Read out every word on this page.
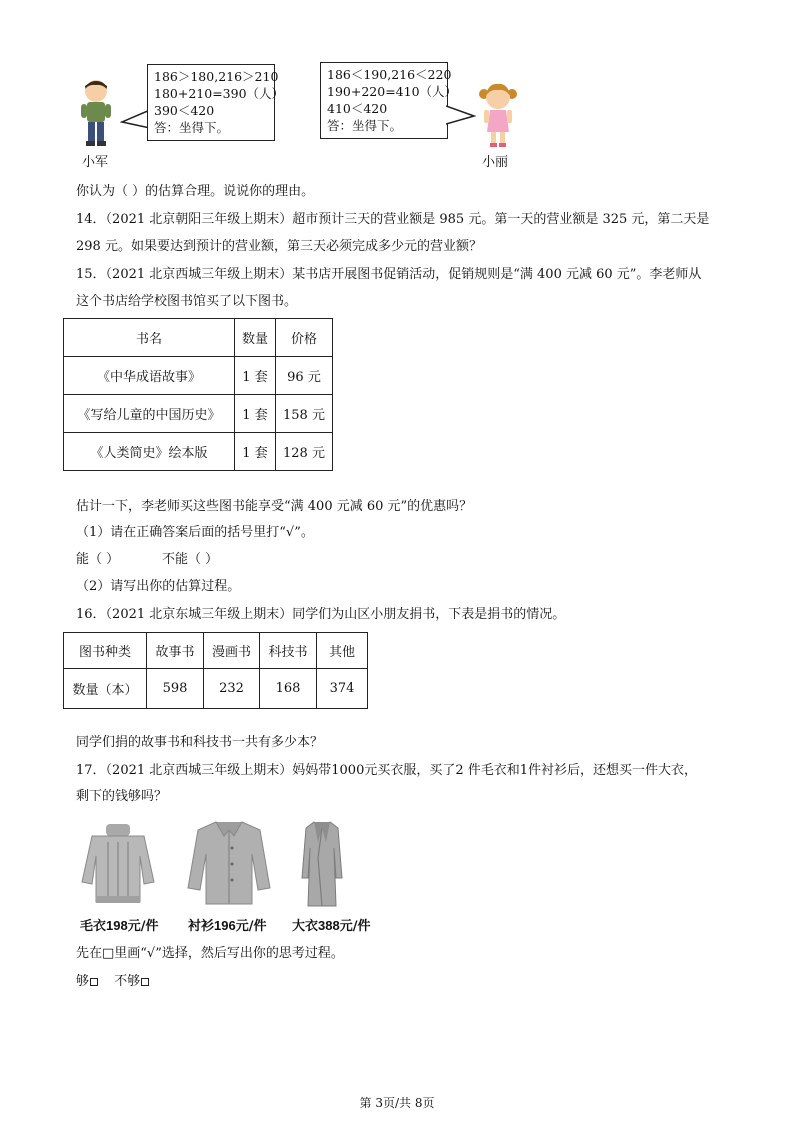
小军
186＞180,216＞210
180+210=390（人）
390＜420
答：坐得下。
186＜190,216＜220
190+220=410（人）
410＜420
答：坐得下。
小丽
你认为（ ）的估算合理。说说你的理由。
14．（2021 北京朝阳三年级上期末）超市预计三天的营业额是 985 元。第一天的营业额是 325 元，第二天是
298 元。如果要达到预计的营业额，第三天必须完成多少元的营业额？
15．（2021 北京西城三年级上期末）某书店开展图书促销活动，促销规则是“满 400 元减 60 元”。李老师从
这个书店给学校图书馆买了以下图书。
书名	数量	价格
《中华成语故事》	1 套	96 元
《写给儿童的中国历史》	1 套	158 元
《人类简史》绘本版	1 套	128 元
估计一下，李老师买这些图书能享受“满 400 元减 60 元”的优惠吗？
（1）请在正确答案后面的括号里打“√”。
能（ ）	不能（ ）
（2）请写出你的估算过程。
16．（2021 北京东城三年级上期末）同学们为山区小朋友捐书，下表是捐书的情况。
图书种类	故事书	漫画书	科技书	其他
数量（本）	598	232	168	374
同学们捐的故事书和科技书一共有多少本？
17．（2021 北京西城三年级上期末）妈妈带1000元买衣服，买了2 件毛衣和1件衬衫后，还想买一件大衣，
剩下的钱够吗？
毛衣198元/件 衬衫196元/件 大衣388元/件
先在□里画“√”选择，然后写出你的思考过程。
够 不够
第 3页/共 8页
